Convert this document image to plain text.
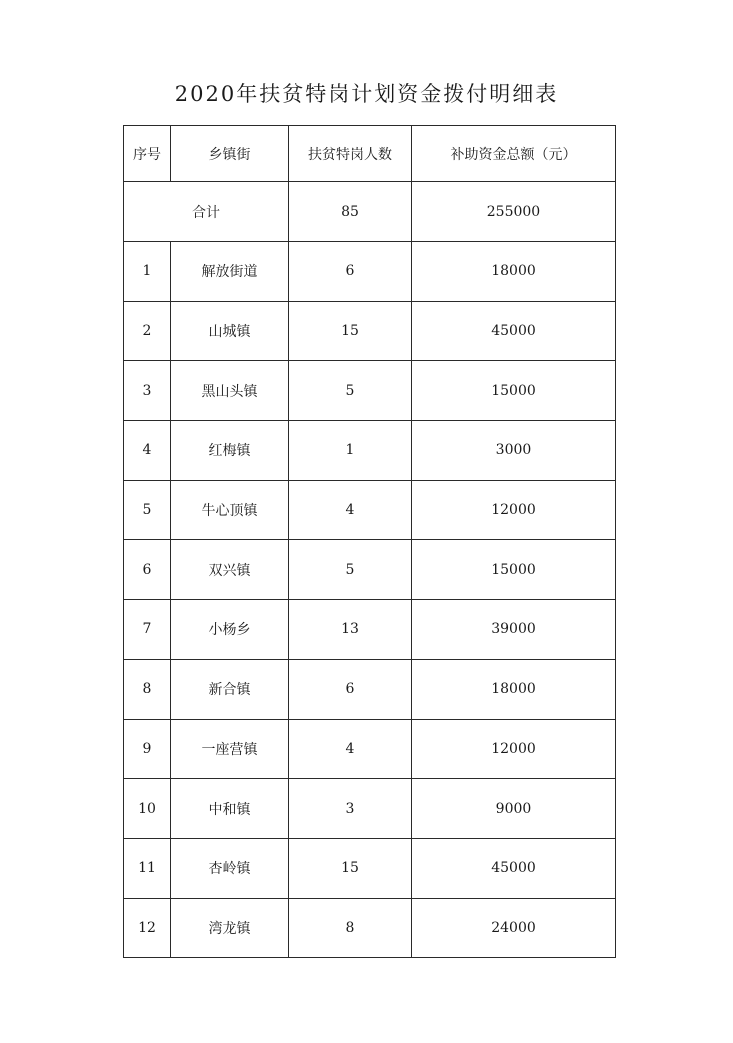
2020年扶贫特岗计划资金拨付明细表
序号	乡镇街	扶贫特岗人数	补助资金总额（元）
合计		85	255000
1	解放街道	6	18000
2	山城镇	15	45000
3	黑山头镇	5	15000
4	红梅镇	1	3000
5	牛心顶镇	4	12000
6	双兴镇	5	15000
7	小杨乡	13	39000
8	新合镇	6	18000
9	一座营镇	4	12000
10	中和镇	3	9000
11	杏岭镇	15	45000
12	湾龙镇	8	24000
